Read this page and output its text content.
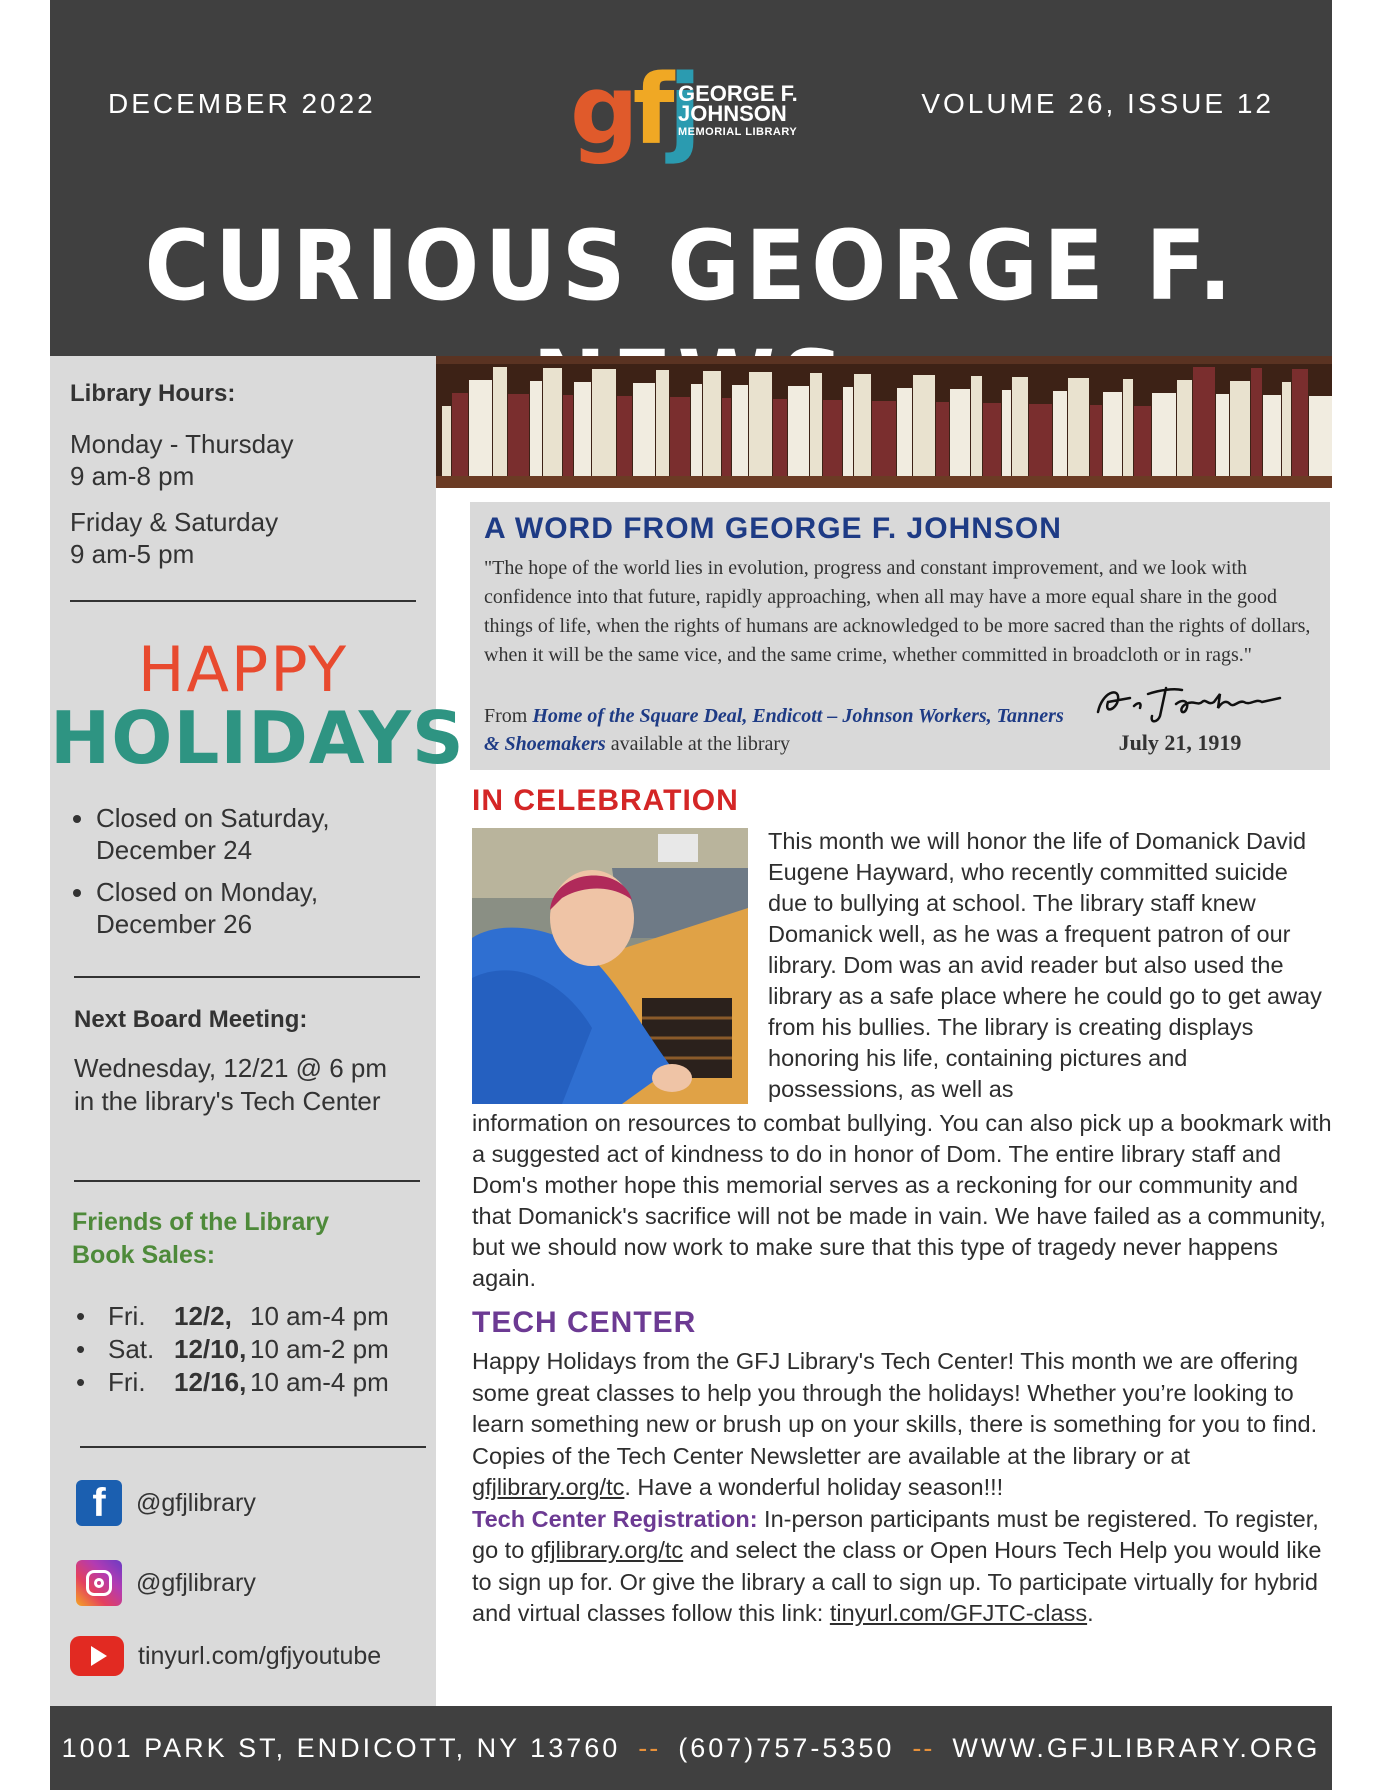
DECEMBER 2022 gfj
GEORGE F.
JOHNSON
MEMORIAL LIBRARY
VOLUME 26, ISSUE 12
CURIOUS GEORGE F.
Library Hours:
Monday - Thursday
9 am-8 pm
Friday & Saturday
9 am-5 pm
HAPPY
HOLIDAYS
• Closed on Saturday, December 24
• Closed on Monday, December 26
Next Board Meeting:
Wednesday, 12/21 @ 6 pm in the library's Tech Center
Friends of the Library Book Sales:
• Fri.	12/2, 10 am-4 pm
• Sat. 12/10, 10 am-2 pm
• Fri.	12/16, 10 am-4 pm
f	@gfjlibrary
@gfjlibrary
tinyurl.com/gfjyoutube
A WORD FROM GEORGE F. JOHNSON
"The hope of the world lies in evolution, progress and constant improvement, and we look with confidence into that future, rapidly approaching, when all may have a more equal share in the good things of life, when the rights of humans are acknowledged to be more sacred than the rights of dollars, when it will be the same vice, and the same crime, whether committed in broadcloth or in rags."
From Home of the Square Deal, Endicott – Johnson Workers, Tanners & Shoemakers available at the library	July 21, 1919
IN CELEBRATION
This month we will honor the life of Domanick David Eugene Hayward, who recently committed suicide due to bullying at school. The library staff knew Domanick well, as he was a frequent patron of our library. Dom was an avid reader but also used the library as a safe place where he could go to get away from his bullies. The library is creating displays honoring his life, containing pictures and possessions, as well as
information on resources to combat bullying. You can also pick up a bookmark with a suggested act of kindness to do in honor of Dom. The entire library staff and Dom's mother hope this memorial serves as a reckoning for our community and that Domanick's sacrifice will not be made in vain. We have failed as a community, but we should now work to make sure that this type of tragedy never happens again.
TECH CENTER
Happy Holidays from the GFJ Library's Tech Center! This month we are offering some great classes to help you through the holidays! Whether you’re looking to learn something new or brush up on your skills, there is something for you to find. Copies of the Tech Center Newsletter are available at the library or at gfjlibrary.org/tc. Have a wonderful holiday season!!!
Tech Center Registration: In-person participants must be registered. To register, go to gfjlibrary.org/tc and select the class or Open Hours Tech Help you would like to sign up for. Or give the library a call to sign up. To participate virtually for hybrid and virtual classes follow this link: tinyurl.com/GFJTC-class.
1001 PARK ST, ENDICOTT, NY 13760 -- (607)757-5350 -- WWW.GFJLIBRARY.ORG
